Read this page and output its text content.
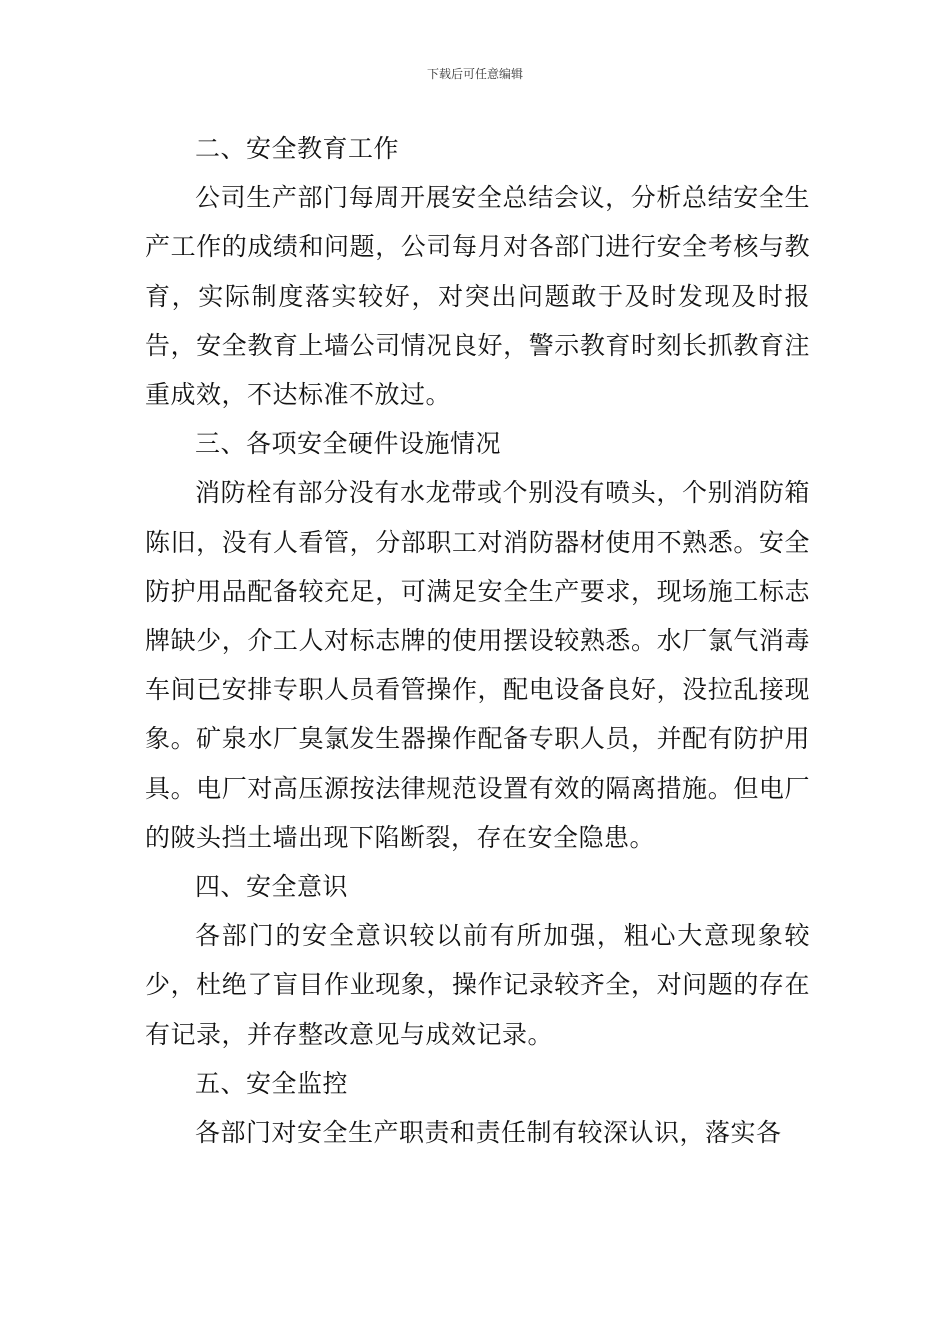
下载后可任意编辑

二、安全教育工作

公司生产部门每周开展安全总结会议，分析总结安全生产工作的成绩和问题，公司每月对各部门进行安全考核与教育，实际制度落实较好，对突出问题敢于及时发现及时报告，安全教育上墙公司情况良好，警示教育时刻长抓教育注重成效，不达标准不放过。

三、各项安全硬件设施情况

消防栓有部分没有水龙带或个别没有喷头，个别消防箱陈旧，没有人看管，分部职工对消防器材使用不熟悉。安全防护用品配备较充足，可满足安全生产要求，现场施工标志牌缺少，介工人对标志牌的使用摆设较熟悉。水厂氯气消毒车间已安排专职人员看管操作，配电设备良好，没拉乱接现象。矿泉水厂臭氯发生器操作配备专职人员，并配有防护用具。电厂对高压源按法律规范设置有效的隔离措施。但电厂的陂头挡土墙出现下陷断裂，存在安全隐患。

四、安全意识

各部门的安全意识较以前有所加强，粗心大意现象较少，杜绝了盲目作业现象，操作记录较齐全，对问题的存在有记录，并存整改意见与成效记录。

五、安全监控

各部门对安全生产职责和责任制有较深认识，落实各
